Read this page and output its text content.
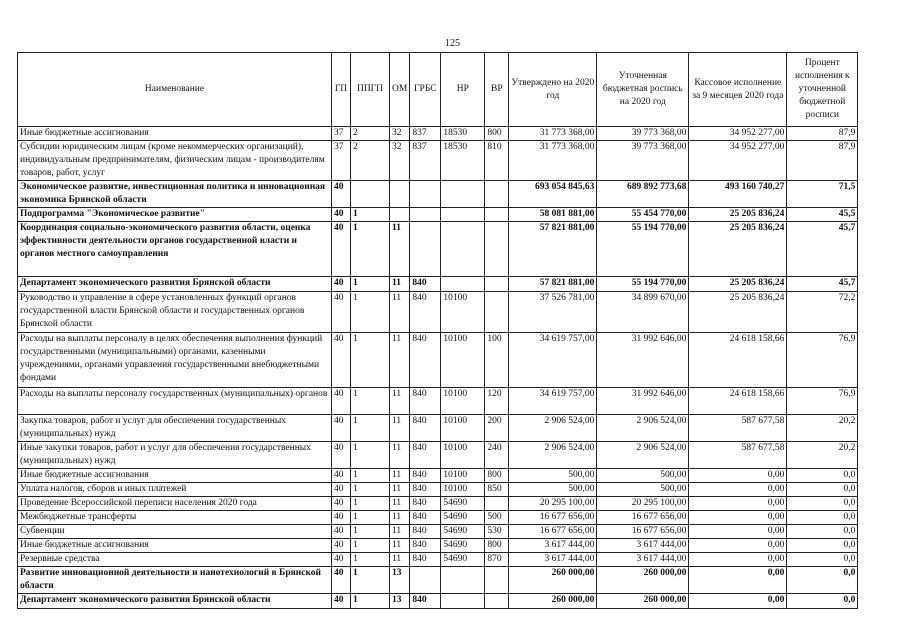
125
Наименование	ГП	ППГП	ОМ	ГРБС	НР	ВР	Утверждено на 2020 год	Уточненная бюджетная роспись на 2020 год	Кассовое исполнение за 9 месяцев 2020 года	Процент исполнения к уточненной бюджетной росписи
Иные бюджетные ассигнования	37	2	32	837	18530	800	31 773 368,00	39 773 368,00	34 952 277,00	87,9
Субсидии юридическим лицам (кроме некоммерческих организаций), индивидуальным предпринимателям, физическим лицам - производителям товаров, работ, услуг	37	2	32	837	18530	810	31 773 368,00	39 773 368,00	34 952 277,00	87,9
Экономическое развитие, инвестиционная политика и инновационная экономика Брянской области	40						693 054 845,63	689 892 773,68	493 160 740,27	71,5
Подпрограмма "Экономическое развитие"	40	1					58 081 881,00	55 454 770,00	25 205 836,24	45,5
Координация социально-экономического развития области, оценка эффективности деятельности органов государственной власти и органов местного самоуправления	40	1	11				57 821 881,00	55 194 770,00	25 205 836,24	45,7
Департамент экономического развития Брянской области	40	1	11	840			57 821 881,00	55 194 770,00	25 205 836,24	45,7
Руководство и управление в сфере установленных функций органов государственной власти Брянской области и государственных органов Брянской области	40	1	11	840	10100		37 526 781,00	34 899 670,00	25 205 836,24	72,2
Расходы на выплаты персоналу в целях обеспечения выполнения функций государственными (муниципальными) органами, казенными учреждениями, органами управления государственными внебюджетными фондами	40	1	11	840	10100	100	34 619 757,00	31 992 646,00	24 618 158,66	76,9
Расходы на выплаты персоналу государственных (муниципальных) органов	40	1	11	840	10100	120	34 619 757,00	31 992 646,00	24 618 158,66	76,9
Закупка товаров, работ и услуг для обеспечения государственных (муниципальных) нужд	40	1	11	840	10100	200	2 906 524,00	2 906 524,00	587 677,58	20,2
Иные закупки товаров, работ и услуг для обеспечения государственных (муниципальных) нужд	40	1	11	840	10100	240	2 906 524,00	2 906 524,00	587 677,58	20,2
Иные бюджетные ассигнования	40	1	11	840	10100	800	500,00	500,00	0,00	0,0
Уплата налогов, сборов и иных платежей	40	1	11	840	10100	850	500,00	500,00	0,00	0,0
Проведение Всероссийской переписи населения 2020 года	40	1	11	840	54690		20 295 100,00	20 295 100,00	0,00	0,0
Межбюджетные трансферты	40	1	11	840	54690	500	16 677 656,00	16 677 656,00	0,00	0,0
Субвенции	40	1	11	840	54690	530	16 677 656,00	16 677 656,00	0,00	0,0
Иные бюджетные ассигнования	40	1	11	840	54690	800	3 617 444,00	3 617 444,00	0,00	0,0
Резервные средства	40	1	11	840	54690	870	3 617 444,00	3 617 444,00	0,00	0,0
Развитие инновационной деятельности и нанотехнологий в Брянской области	40	1	13				260 000,00	260 000,00	0,00	0,0
Департамент экономического развития Брянской области	40	1	13	840			260 000,00	260 000,00	0,00	0,0
